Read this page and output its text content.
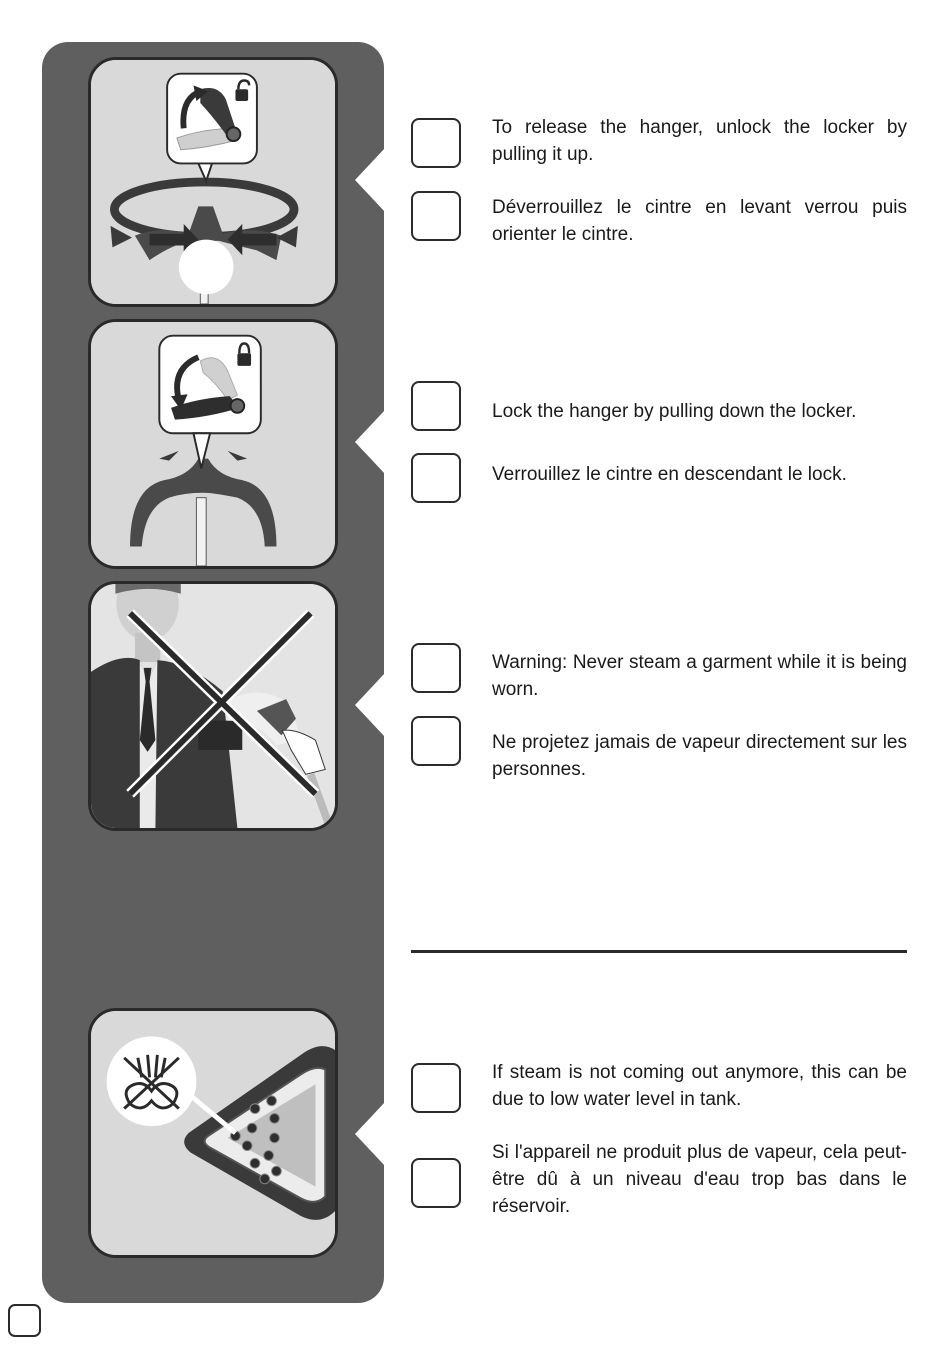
To release the hanger, unlock the locker by pulling it up.
Déverrouillez le cintre en levant verrou puis orienter le cintre.
Lock the hanger by pulling down the locker.
Verrouillez le cintre en descendant le lock.
Warning: Never steam a garment while it is being worn.
Ne projetez jamais de vapeur directement sur les personnes.
If steam is not coming out anymore, this can be due to low water level in tank.
Si l'appareil ne produit plus de vapeur, cela peut-être dû à un niveau d'eau trop bas dans le réservoir.
